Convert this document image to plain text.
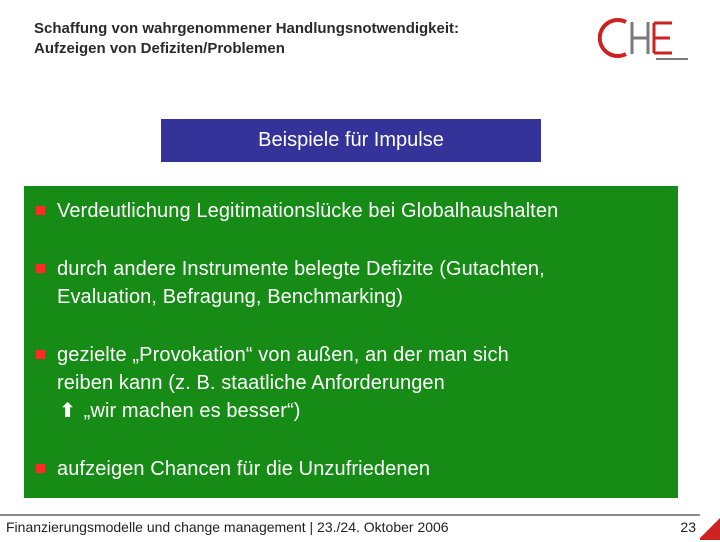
Schaffung von wahrgenommener Handlungsnotwendigkeit:
Aufzeigen von Defiziten/Problemen
Beispiele für Impulse
Verdeutlichung Legitimationslücke bei Globalhaushalten
durch andere Instrumente belegte Defizite (Gutachten,
Evaluation, Befragung, Benchmarking)
gezielte „Provokation“ von außen, an der man sich
reiben kann (z. B. staatliche Anforderungen
⬆ „wir machen es besser“)
aufzeigen Chancen für die Unzufriedenen
Finanzierungsmodelle und change management | 23./24. Oktober 2006	23
